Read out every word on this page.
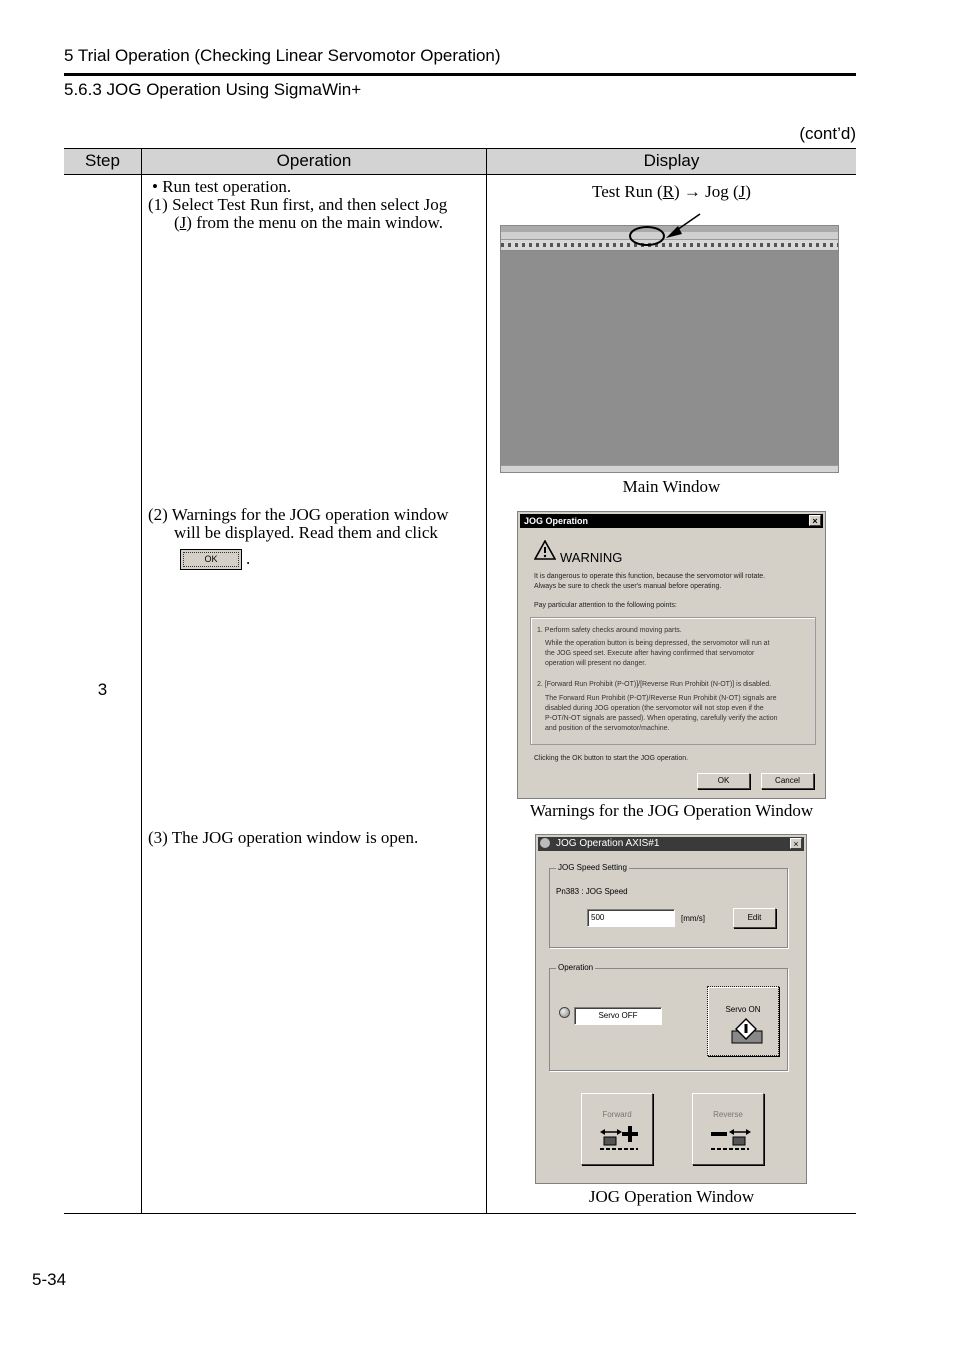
5 Trial Operation (Checking Linear Servomotor Operation)
5.6.3 JOG Operation Using SigmaWin+
(cont’d)
Step	Operation	Display
3
• Run test operation.
(1) Select Test Run first, and then select Jog
(J) from the menu on the main window.
(2) Warnings for the JOG operation window
will be displayed. Read them and click
OK	.
(3) The JOG operation window is open.
Test Run (R) → Jog (J)
Main Window
JOG Operation	×
WARNING
It is dangerous to operate this function, because the servomotor will rotate.
Always be sure to check the user's manual before operating.
Pay particular attention to the following points:
1. Perform safety checks around moving parts.
While the operation button is being depressed, the servomotor will run at
the JOG speed set. Execute after having confirmed that servomotor
operation will present no danger.
2. [Forward Run Prohibit (P-OT)]/[Reverse Run Prohibit (N-OT)] is disabled.
The Forward Run Prohibit (P-OT)/Reverse Run Prohibit (N-OT) signals are
disabled during JOG operation (the servomotor will not stop even if the
P-OT/N-OT signals are passed). When operating, carefully verify the action
and position of the servomotor/machine.
Clicking the OK button to start the JOG operation.
OK	Cancel
Warnings for the JOG Operation Window
JOG Operation AXIS#1	×
JOG Speed Setting
Pn383 : JOG Speed
500	[mm/s]	Edit
Operation
Servo OFF
Servo ON
Forward	Reverse
JOG Operation Window
5-34
